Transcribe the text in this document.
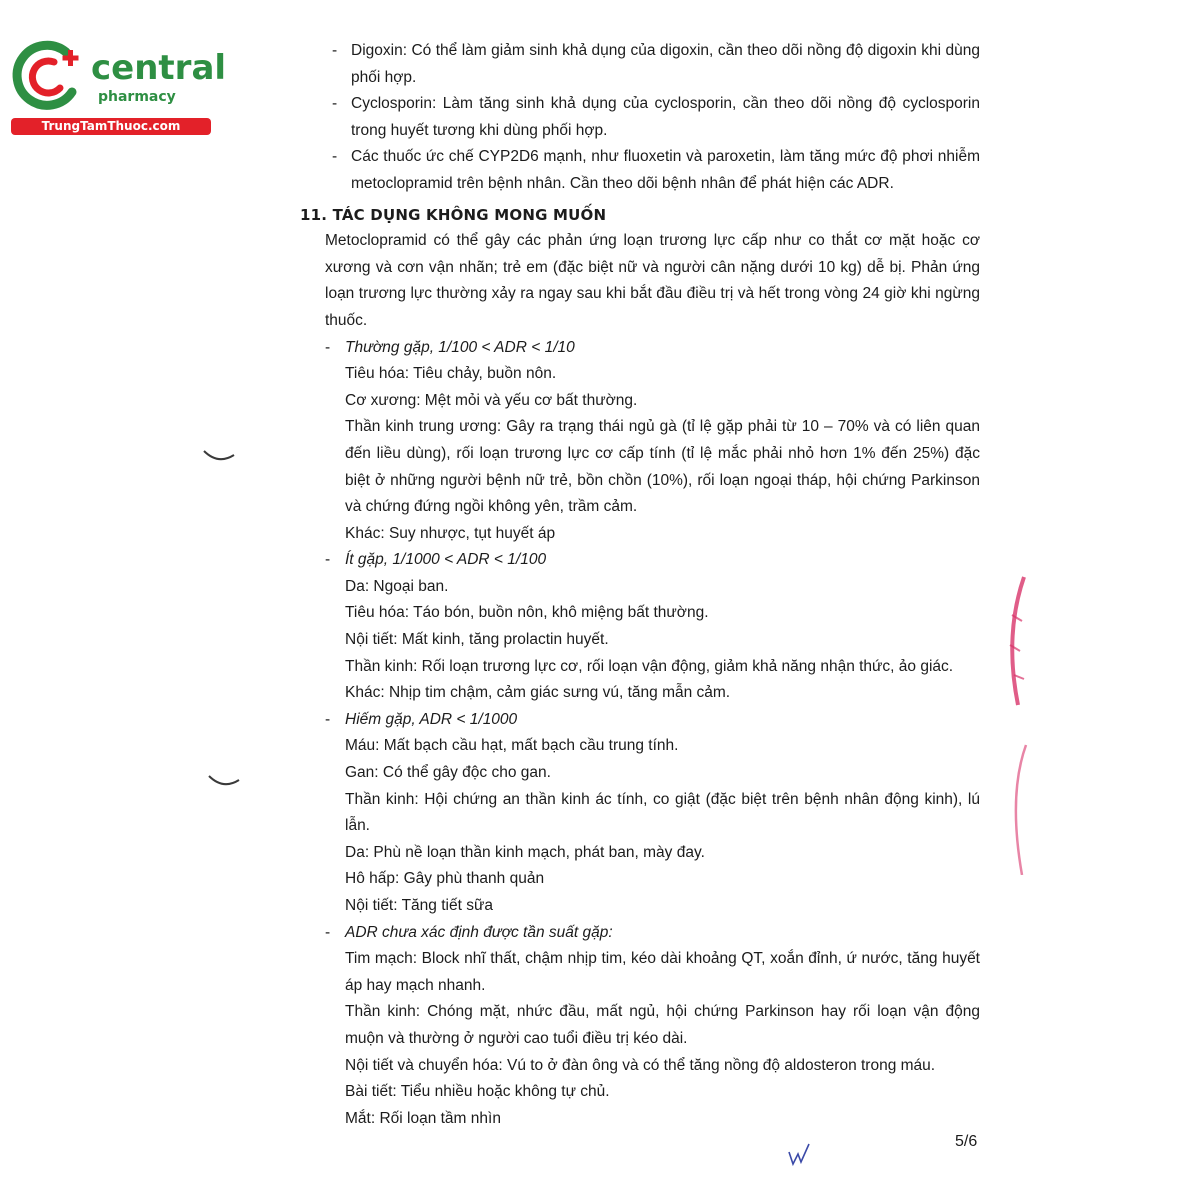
central
pharmacy
TrungTamThuoc.com
- Digoxin: Có thể làm giảm sinh khả dụng của digoxin, cần theo dõi nồng độ digoxin khi dùng phối hợp.
- Cyclosporin: Làm tăng sinh khả dụng của cyclosporin, cần theo dõi nồng độ cyclosporin trong huyết tương khi dùng phối hợp.
- Các thuốc ức chế CYP2D6 mạnh, như fluoxetin và paroxetin, làm tăng mức độ phơi nhiễm metoclopramid trên bệnh nhân. Cần theo dõi bệnh nhân để phát hiện các ADR.
11. TÁC DỤNG KHÔNG MONG MUỐN
Metoclopramid có thể gây các phản ứng loạn trương lực cấp như co thắt cơ mặt hoặc cơ xương và cơn vận nhãn; trẻ em (đặc biệt nữ và người cân nặng dưới 10 kg) dễ bị. Phản ứng loạn trương lực thường xảy ra ngay sau khi bắt đầu điều trị và hết trong vòng 24 giờ khi ngừng thuốc.
- Thường gặp, 1/100 < ADR < 1/10
Tiêu hóa: Tiêu chảy, buồn nôn.
Cơ xương: Mệt mỏi và yếu cơ bất thường.
Thần kinh trung ương: Gây ra trạng thái ngủ gà (tỉ lệ gặp phải từ 10 – 70% và có liên quan đến liều dùng), rối loạn trương lực cơ cấp tính (tỉ lệ mắc phải nhỏ hơn 1% đến 25%) đặc biệt ở những người bệnh nữ trẻ, bồn chồn (10%), rối loạn ngoại tháp, hội chứng Parkinson và chứng đứng ngồi không yên, trầm cảm.
Khác: Suy nhược, tụt huyết áp
- Ít gặp, 1/1000 < ADR < 1/100
Da: Ngoại ban.
Tiêu hóa: Táo bón, buồn nôn, khô miệng bất thường.
Nội tiết: Mất kinh, tăng prolactin huyết.
Thần kinh: Rối loạn trương lực cơ, rối loạn vận động, giảm khả năng nhận thức, ảo giác.
Khác: Nhịp tim chậm, cảm giác sưng vú, tăng mẫn cảm.
- Hiếm gặp, ADR < 1/1000
Máu: Mất bạch cầu hạt, mất bạch cầu trung tính.
Gan: Có thể gây độc cho gan.
Thần kinh: Hội chứng an thần kinh ác tính, co giật (đặc biệt trên bệnh nhân động kinh), lú lẫn.
Da: Phù nề loạn thần kinh mạch, phát ban, mày đay.
Hô hấp: Gây phù thanh quản
Nội tiết: Tăng tiết sữa
- ADR chưa xác định được tần suất gặp:
Tim mạch: Block nhĩ thất, chậm nhịp tim, kéo dài khoảng QT, xoắn đỉnh, ứ nước, tăng huyết áp hay mạch nhanh.
Thần kinh: Chóng mặt, nhức đầu, mất ngủ, hội chứng Parkinson hay rối loạn vận động muộn và thường ở người cao tuổi điều trị kéo dài.
Nội tiết và chuyển hóa: Vú to ở đàn ông và có thể tăng nồng độ aldosteron trong máu.
Bài tiết: Tiểu nhiều hoặc không tự chủ.
Mắt: Rối loạn tầm nhìn
5/6
